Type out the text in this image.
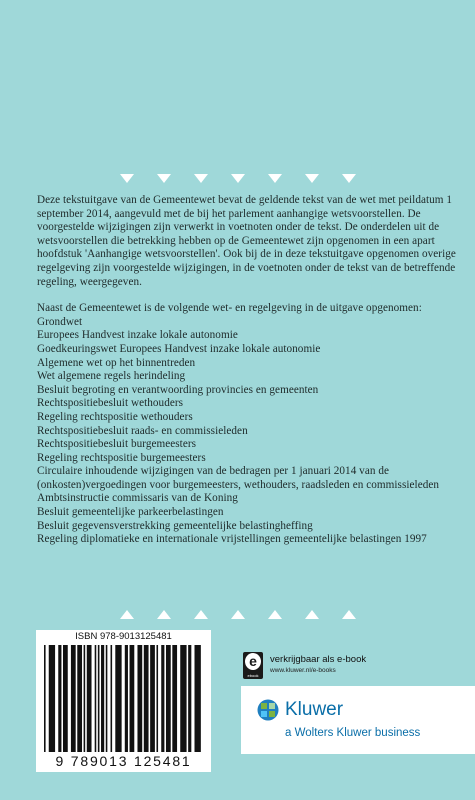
Deze tekstuitgave van de Gemeentewet bevat de geldende tekst van de wet met peildatum 1 september 2014, aangevuld met de bij het parlement aanhangige wetsvoorstellen. De voorgestelde wijzigingen zijn verwerkt in voetnoten onder de tekst. De onderdelen uit de wetsvoorstellen die betrekking hebben op de Gemeentewet zijn opgenomen in een apart hoofdstuk 'Aanhangige wetsvoorstellen'. Ook bij de in deze tekstuitgave opgenomen overige regelgeving zijn voorgestelde wijzigingen, in de voetnoten onder de tekst van de betreffende regeling, weergegeven.

Naast de Gemeentewet is de volgende wet- en regelgeving in de uitgave opgenomen:
Grondwet
Europees Handvest inzake lokale autonomie
Goedkeuringswet Europees Handvest inzake lokale autonomie
Algemene wet op het binnentreden
Wet algemene regels herindeling
Besluit begroting en verantwoording provincies en gemeenten
Rechtspositiebesluit wethouders
Regeling rechtspositie wethouders
Rechtspositiebesluit raads- en commissieleden
Rechtspositiebesluit burgemeesters
Regeling rechtspositie burgemeesters
Circulaire inhoudende wijzigingen van de bedragen per 1 januari 2014 van de (onkosten)vergoedingen voor burgemeesters, wethouders, raadsleden en commissieleden
Ambtsinstructie commissaris van de Koning
Besluit gemeentelijke parkeerbelastingen
Besluit gegevensverstrekking gemeentelijke belastingheffing
Regeling diplomatieke en internationale vrijstellingen gemeentelijke belastingen 1997
ISBN 978-9013125481
9 789013 125481
e
ebook
verkrijgbaar als e-book
www.kluwer.nl/e-books
Kluwer
a Wolters Kluwer business
